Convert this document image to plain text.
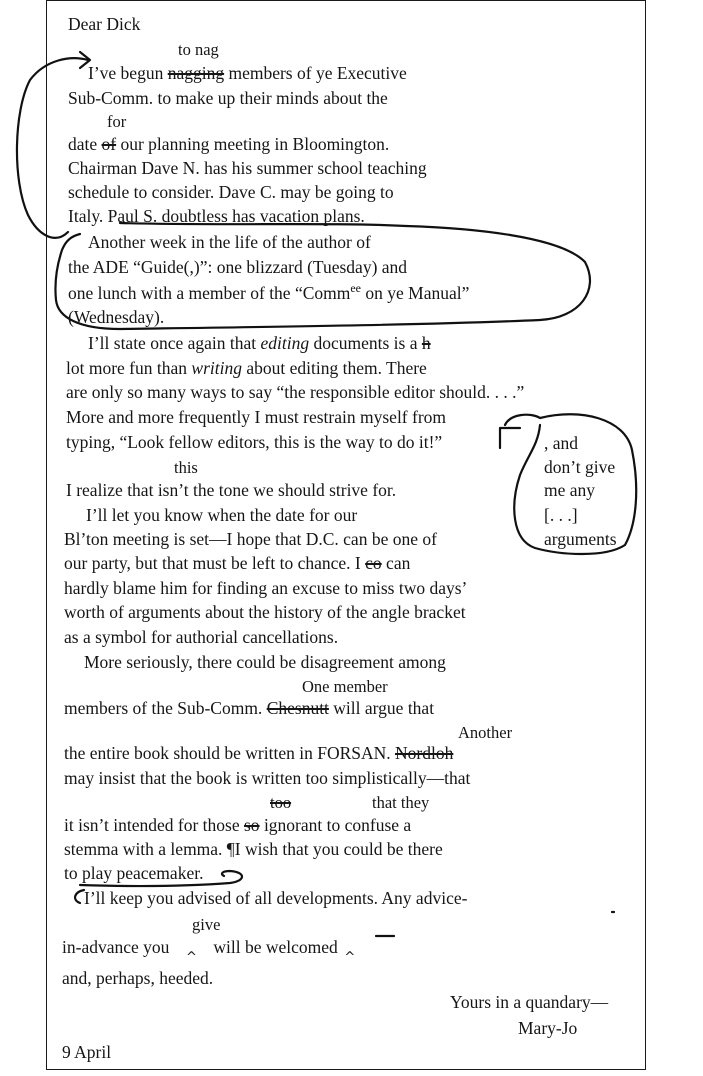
Dear Dick
to nag
I’ve begun nagging members of ye Executive
Sub-Comm. to make up their minds about the
for
date of our planning meeting in Bloomington.
Chairman Dave N. has his summer school teaching
schedule to consider. Dave C. may be going to
Italy. Paul S. doubtless has vacation plans.
Another week in the life of the author of
the ADE “Guide(,)”: one blizzard (Tuesday) and
one lunch with a member of the “Comm$^{ee}$ on ye Manual”
(Wednesday).
I’ll state once again that editing documents is a h
lot more fun than writing about editing them. There
are only so many ways to say “the responsible editor should. . . .”
More and more frequently I must restrain myself from
typing, “Look fellow editors, this is the way to do it!”
this
I realize that isn’t the tone we should strive for.
, and
don’t give
me any
[. . .]
arguments
I’ll let you know when the date for our
Bl’ton meeting is set—I hope that D.C. can be one of
our party, but that must be left to chance. I co can
hardly blame him for finding an excuse to miss two days’
worth of arguments about the history of the angle bracket
as a symbol for authorial cancellations.
More seriously, there could be disagreement among
One member
members of the Sub-Comm. Chesnutt will argue that
Another
the entire book should be written in FORSAN. Nordloh
may insist that the book is written too simplistically—that
too	that they
it isn’t intended for those so ignorant to confuse a
stemma with a lemma. ¶I wish that you could be there
to play peacemaker.
I’ll keep you advised of all developments. Any advice-
give
in-advance you^will be welcomed^
and, perhaps, heeded.
Yours in a quandary—
Mary-Jo
9 April
